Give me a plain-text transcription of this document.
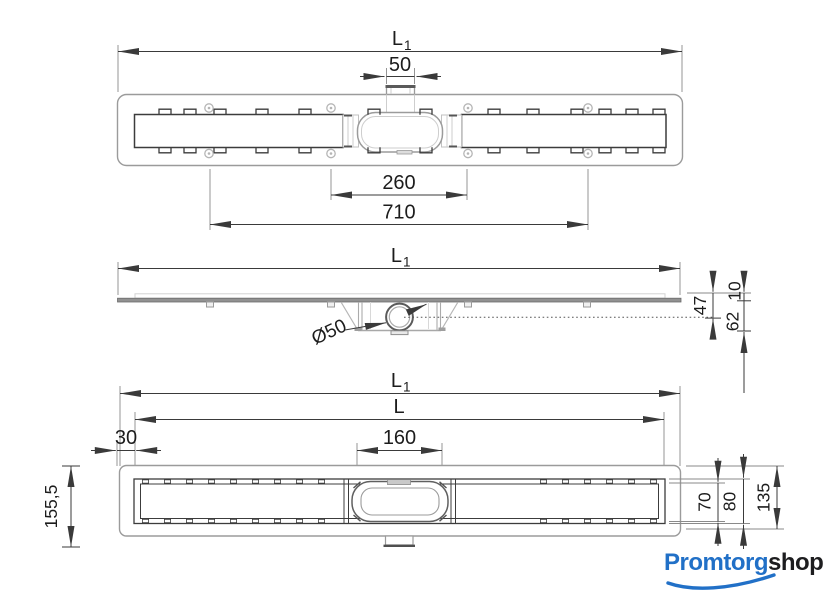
L 1
50
260
710
L 1
Ø50
47
10
62
L 1
L
30	160
155,5	70 80 135
Promtorgshop
